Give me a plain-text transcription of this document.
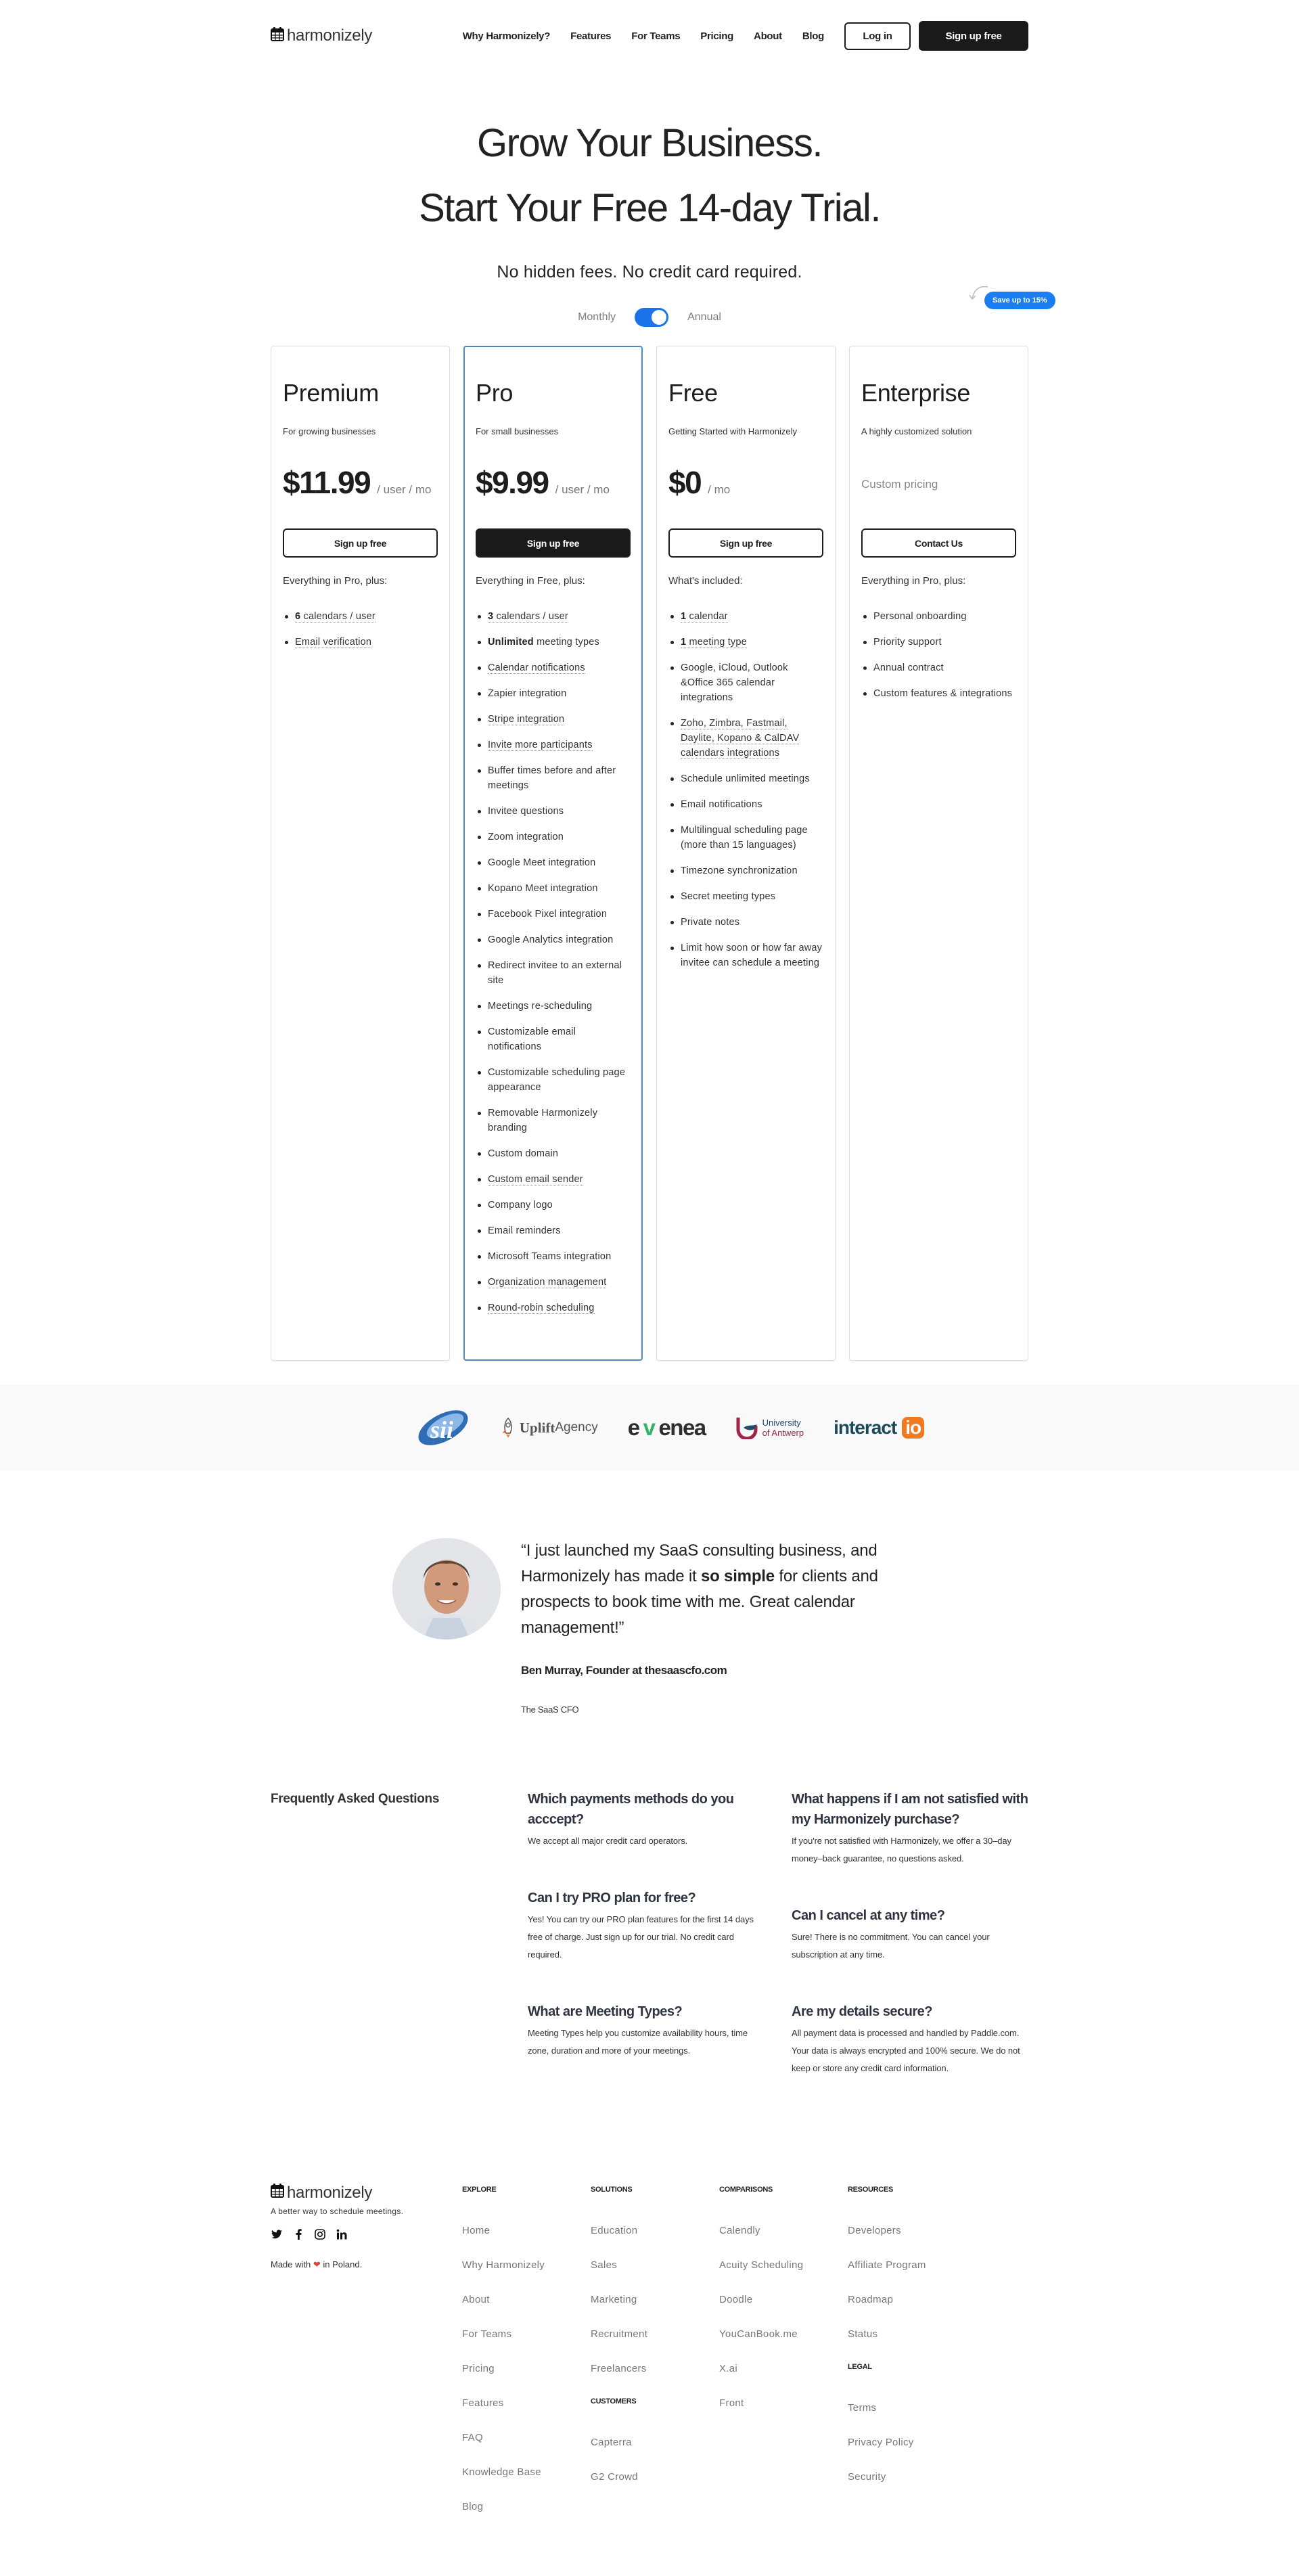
harmonizely	Why Harmonizely? Features For Teams Pricing About Blog	Log in	Sign up free
Grow Your Business.
Start Your Free 14-day Trial.

No hidden fees. No credit card required.

Monthly	Annual
Save up to 15%
Premium

For growing businesses

$11.99 / user / mo
Sign up free

Everything in Pro, plus:

6 calendars / user
Email verification
Pro

For small businesses

$9.99 / user / mo
Sign up free

Everything in Free, plus:

3 calendars / user
Unlimited meeting types
Calendar notifications
Zapier integration
Stripe integration
Invite more participants
Buffer times before and after meetings
Invitee questions
Zoom integration
Google Meet integration
Kopano Meet integration
Facebook Pixel integration
Google Analytics integration
Redirect invitee to an external site
Meetings re-scheduling
Customizable email notifications
Customizable scheduling page appearance
Removable Harmonizely branding
Custom domain
Custom email sender
Company logo
Email reminders
Microsoft Teams integration
Organization management
Round-robin scheduling
Free

Getting Started with Harmonizely

$0 / mo
Sign up free

What's included:

1 calendar
1 meeting type
Google, iCloud, Outlook &Office 365 calendar integrations
Zoho, Zimbra, Fastmail, Daylite, Kopano & CalDAV calendars integrations
Schedule unlimited meetings
Email notifications
Multilingual scheduling page (more than 15 languages)
Timezone synchronization
Secret meeting types
Private notes
Limit how soon or how far away invitee can schedule a meeting
Enterprise

A highly customized solution

Custom pricing
Contact Us

Everything in Pro, plus:

Personal onboarding
Priority support
Annual contract
Custom features & integrations
sii	Uplift Agency e v enea	University
of Antwerp interact io

“I just launched my SaaS consulting business, and Harmonizely has made it so simple for clients and prospects to book time with me. Great calendar management!”

Ben Murray, Founder at thesaascfo.com

The SaaS CFO

Frequently Asked Questions	Which payments methods do you acccept?

We accept all major credit card operators.

Can I try PRO plan for free?

Yes! You can try our PRO plan features for the first 14 days free of charge. Just sign up for our trial. No credit card required.

What are Meeting Types?

Meeting Types help you customize availability hours, time zone, duration and more of your meetings.

What happens if I am not satisfied with my Harmonizely purchase?

If you're not satisfied with Harmonizely, we offer a 30–day money–back guarantee, no questions asked.

Can I cancel at any time?

Sure! There is no commitment. You can cancel your subscription at any time.

Are my details secure?

All payment data is processed and handled by Paddle.com. Your data is always encrypted and 100% secure. We do not keep or store any credit card information.

harmonizely

A better way to schedule meetings.

Made with ❤ in Poland.

EXPLORE
Home
Why Harmonizely
About
For Teams
Pricing
Features
FAQ
Knowledge Base
Blog
SOLUTIONS
Education
Sales
Marketing
Recruitment
Freelancers
CUSTOMERS
Capterra
G2 Crowd
COMPARISONS
Calendly
Acuity Scheduling
Doodle
YouCanBook.me
X.ai
Front
RESOURCES
Developers
Affiliate Program
Roadmap
Status
LEGAL
Terms
Privacy Policy
Security
